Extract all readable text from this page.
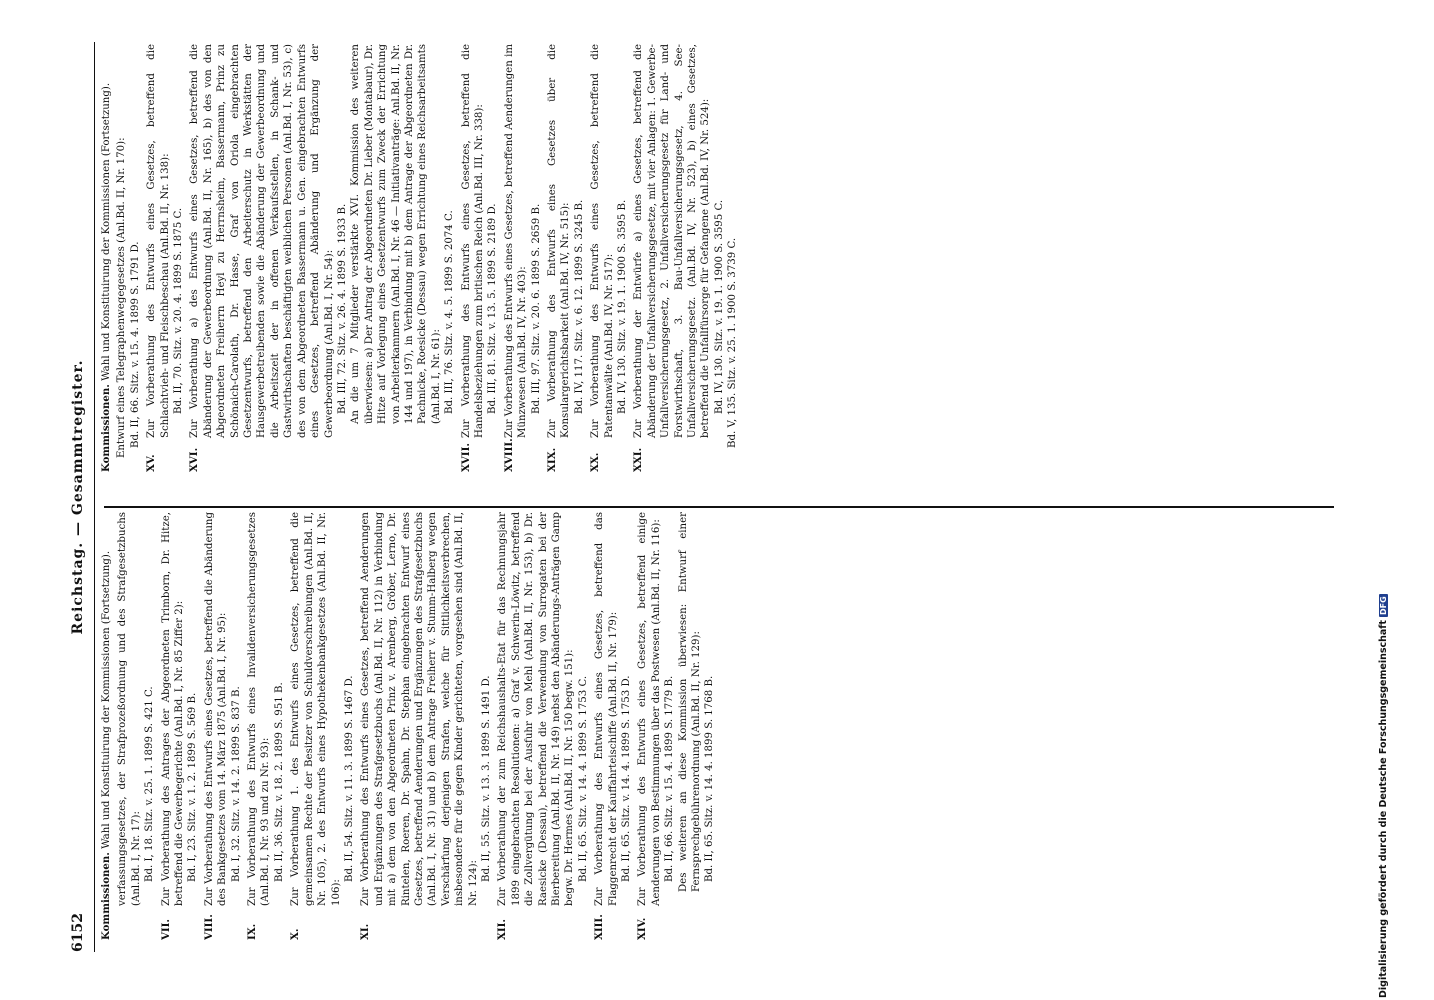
6152
Reichstag. — Gesammtregister.

Kommissionen. Wahl und Konstituirung der Kommissionen (Fortsetzung). verfassungsgesetzes, der Strafprozeßordnung und des Strafgesetzbuchs (Anl.Bd. I, Nr. 17): Bd. I, 18. Sitz. v. 25. 1. 1899 S. 421 C.

VII.

Zur Vorberathung des Antrages der Abgeordneten Trimborn, Dr. Hitze, betreffend die Gewerbegerichte (Anl.Bd. I, Nr. 85 Ziffer 2): Bd. I, 23. Sitz. v. 1. 2. 1899 S. 569 B.

VIII.

Zur Vorberathung des Entwurfs eines Gesetzes, betreffend die Abänderung des Bankgesetzes vom 14. März 1875 (Anl.Bd. I, Nr. 95): Bd. I, 32. Sitz. v. 14. 2. 1899 S. 837 B.

IX.

Zur Vorberathung des Entwurfs eines Invalidenversicherungsgesetzes (Anl.Bd. I, Nr. 93 und zu Nr. 93): Bd. II, 36. Sitz. v. 18. 2. 1899 S. 951 B.

X.

Zur Vorberathung 1. des Entwurfs eines Gesetzes, betreffend die gemeinsamen Rechte der Besitzer von Schuldverschreibungen (Anl.Bd. II, Nr. 105), 2. des Entwurfs eines Hypothekenbankgesetzes (Anl.Bd. II, Nr. 106):

Bd. II, 54. Sitz. v. 11. 3. 1899 S. 1467 D.

XI.

Zur Vorberathung des Entwurfs eines Gesetzes, betreffend Aenderungen und Ergänzungen des Strafgesetzbuchs (Anl.Bd. II, Nr. 112) in Verbindung mit a) dem von den Abgeordneten Prinz v. Arenberg, Gröber, Lerno, Dr. Rintelen, Roeren, Dr. Spahn, Dr. Stephan eingebrachten Entwurf eines Gesetzes, betreffend Aenderungen und Ergänzungen des Strafgesetzbuchs (Anl.Bd. I, Nr. 31) und b) dem Antrage Freiherr v. Stumm-Halberg wegen Verschärfung derjenigen Strafen, welche für Sittlichkeitsverbrechen, insbesondere für die gegen Kinder gerichteten, vorgesehen sind (Anl.Bd. II, Nr. 124):

Bd. II, 55. Sitz. v. 13. 3. 1899 S. 1491 D.

XII.

Zur Vorberathung der zum Reichshaushalts-Etat für das Rechnungsjahr 1899 eingebrachten Resolutionen: a) Graf v. Schwerin-Löwitz, betreffend die Zollvergütung bei der Ausfuhr von Mehl (Anl.Bd. II, Nr. 153), b) Dr. Raesicke (Dessau), betreffend die Verwendung von Surrogaten bei der Bierbereitung (Anl.Bd. II, Nr. 149) nebst den Abänderungs-Anträgen Gamp begw. Dr. Hermes (Anl.Bd. II, Nr. 150 begw. 151): Bd. II, 65. Sitz. v. 14. 4. 1899 S. 1753 C.

XIII.

Zur Vorberathung des Entwurfs eines Gesetzes, betreffend das Flaggenrecht der Kauffahrteischiffe (Anl.Bd. II, Nr. 179): Bd. II, 65. Sitz. v. 14. 4. 1899 S. 1753 D.

XIV.

Zur Vorberathung des Entwurfs eines Gesetzes, betreffend einige Aenderungen von Bestimmungen über das Postwesen (Anl.Bd. II, Nr. 116): Bd. II, 66. Sitz. v. 15. 4. 1899 S. 1779 B. Des weiteren an diese Kommission überwiesen: Entwurf einer Fernsprechgebührenordnung (Anl.Bd. II, Nr. 129): Bd. II, 65. Sitz. v. 14. 4. 1899 S. 1768 B.

Kommissionen. Wahl und Konstituirung der Kommissionen (Fortsetzung). Entwurf eines Telegraphenwegegesetzes (Anl.Bd. II, Nr. 170): Bd. II, 66. Sitz. v. 15. 4. 1899 S. 1791 D.

XV.

Zur Vorberathung des Entwurfs eines Gesetzes, betreffend die Schlachtvieh- und Fleischbeschau (Anl.Bd. II, Nr. 138): Bd. II, 70. Sitz. v. 20. 4. 1899 S. 1875 C.

XVI.

Zur Vorberathung a) des Entwurfs eines Gesetzes, betreffend die Abänderung der Gewerbeordnung (Anl.Bd. II, Nr. 165), b) des von den Abgeordneten Freiherrn Heyl zu Herrnsheim, Bassermann, Prinz zu Schönaich-Carolath, Dr. Hasse, Graf von Oriola eingebrachten Gesetzentwurfs, betreffend den Arbeiterschutz in Werkstätten der Hausgewerbetreibenden sowie die Abänderung der Gewerbeordnung und die Arbeitszeit der in offenen Verkaufsstellen, in Schank- und Gastwirthschaften beschäftigten weiblichen Personen (Anl.Bd. I, Nr. 53), c) des von dem Abgeordneten Bassermann u. Gen. eingebrachten Entwurfs eines Gesetzes, betreffend Abänderung und Ergänzung der Gewerbeordnung (Anl.Bd. I, Nr. 54): Bd. III, 72. Sitz. v. 26. 4. 1899 S. 1933 B. An die um 7 Mitglieder verstärkte XVI. Kommission des weiteren überwiesen: a) Der Antrag der Abgeordneten Dr. Lieber (Montabaur), Dr. Hitze auf Vorlegung eines Gesetzentwurfs zum Zweck der Errichtung von Arbeiterkammern (Anl.Bd. I, Nr. 46 — Initiativanträge: Anl.Bd. II, Nr. 144 und 197), in Verbindung mit b) dem Antrage der Abgeordneten Dr. Pachnicke, Roesicke (Dessau) wegen Errichtung eines Reichsarbeitsamts (Anl.Bd. I, Nr. 61): Bd. III, 76. Sitz. v. 4. 5. 1899 S. 2074 C.

XVII.

Zur Vorberathung des Entwurfs eines Gesetzes, betreffend die Handelsbeziehungen zum britischen Reich (Anl.Bd. III, Nr. 338): Bd. III, 81. Sitz. v. 13. 5. 1899 S. 2189 D.

XVIII.

Zur Vorberathung des Entwurfs eines Gesetzes, betreffend Aenderungen im Münzwesen (Anl.Bd. IV, Nr. 403): Bd. III, 97. Sitz. v. 20. 6. 1899 S. 2659 B.

XIX.

Zur Vorberathung des Entwurfs eines Gesetzes über die Konsulargerichtsbarkeit (Anl.Bd. IV, Nr. 515): Bd. IV, 117. Sitz. v. 6. 12. 1899 S. 3245 B.

XX.

Zur Vorberathung des Entwurfs eines Gesetzes, betreffend die Patentanwälte (Anl.Bd. IV, Nr. 517): Bd. IV, 130. Sitz. v. 19. 1. 1900 S. 3595 B.

XXI.

Zur Vorberathung der Entwürfe a) eines Gesetzes, betreffend die Abänderung der Unfallversicherungsgesetze, mit vier Anlagen: 1. Gewerbe-Unfallversicherungsgesetz, 2. Unfallversicherungsgesetz für Land- und Forstwirthschaft, 3. Bau-Unfallversicherungsgesetz, 4. See-Unfallversicherungsgesetz. (Anl.Bd. IV, Nr. 523), b) eines Gesetzes, betreffend die Unfallfürsorge für Gefangene (Anl.Bd. IV, Nr. 524): Bd. IV, 130. Sitz. v. 19. 1. 1900 S. 3595 C. Bd. V, 135. Sitz. v. 25. 1. 1900 S. 3739 C.

Digitalisierung gefördert durch die Deutsche ForschungsgemeinschaftDFG
